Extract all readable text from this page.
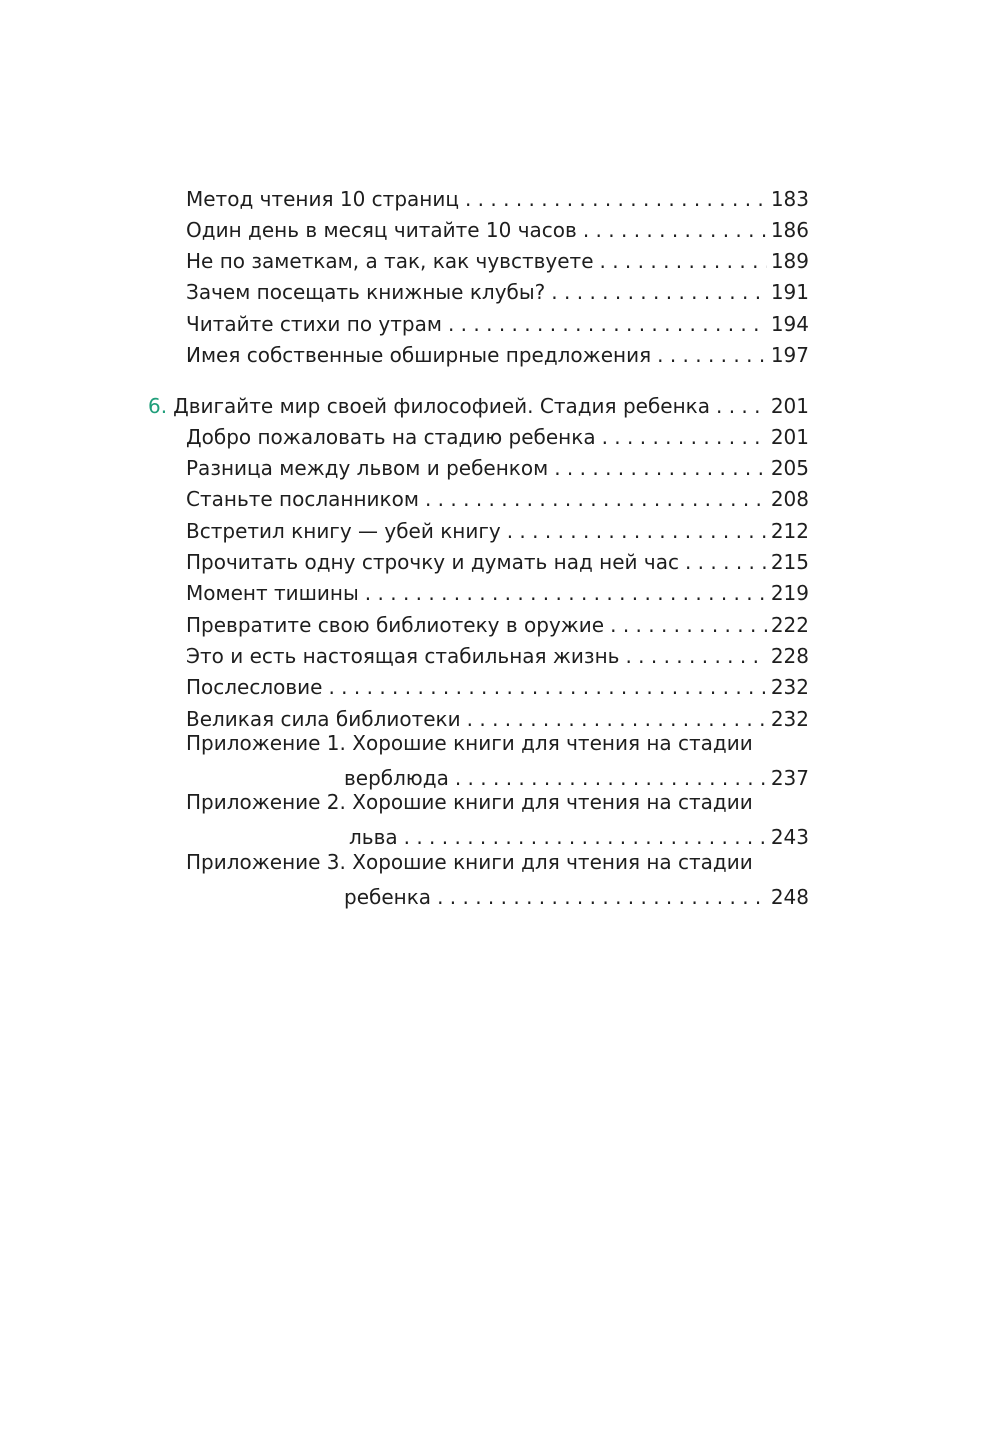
Метод чтения 10 страниц . . .	183
Один день в месяц читайте 10 часов . . .	186
Не по заметкам, а так, как чувствуете . . .	189
Зачем посещать книжные клубы? . . .	191
Читайте стихи по утрам . . .	194
Имея собственные обширные предложения . . .	197
6. Двигайте мир своей философией. Стадия ребенка . . .	201
Добро пожаловать на стадию ребенка . . .	201
Разница между львом и ребенком . . .	205
Станьте посланником . . .	208
Встретил книгу — убей книгу . . .	212
Прочитать одну строчку и думать над ней час . . .	215
Момент тишины . . .	219
Превратите свою библиотеку в оружие . . .	222
Это и есть настоящая стабильная жизнь . . .	228
Послесловие . . .	232
Великая сила библиотеки . . .	232
Приложение 1. Хорошие книги для чтения на стадии
верблюда . . .	237
Приложение 2. Хорошие книги для чтения на стадии
льва . . .	243
Приложение 3. Хорошие книги для чтения на стадии
ребенка . . .	248
